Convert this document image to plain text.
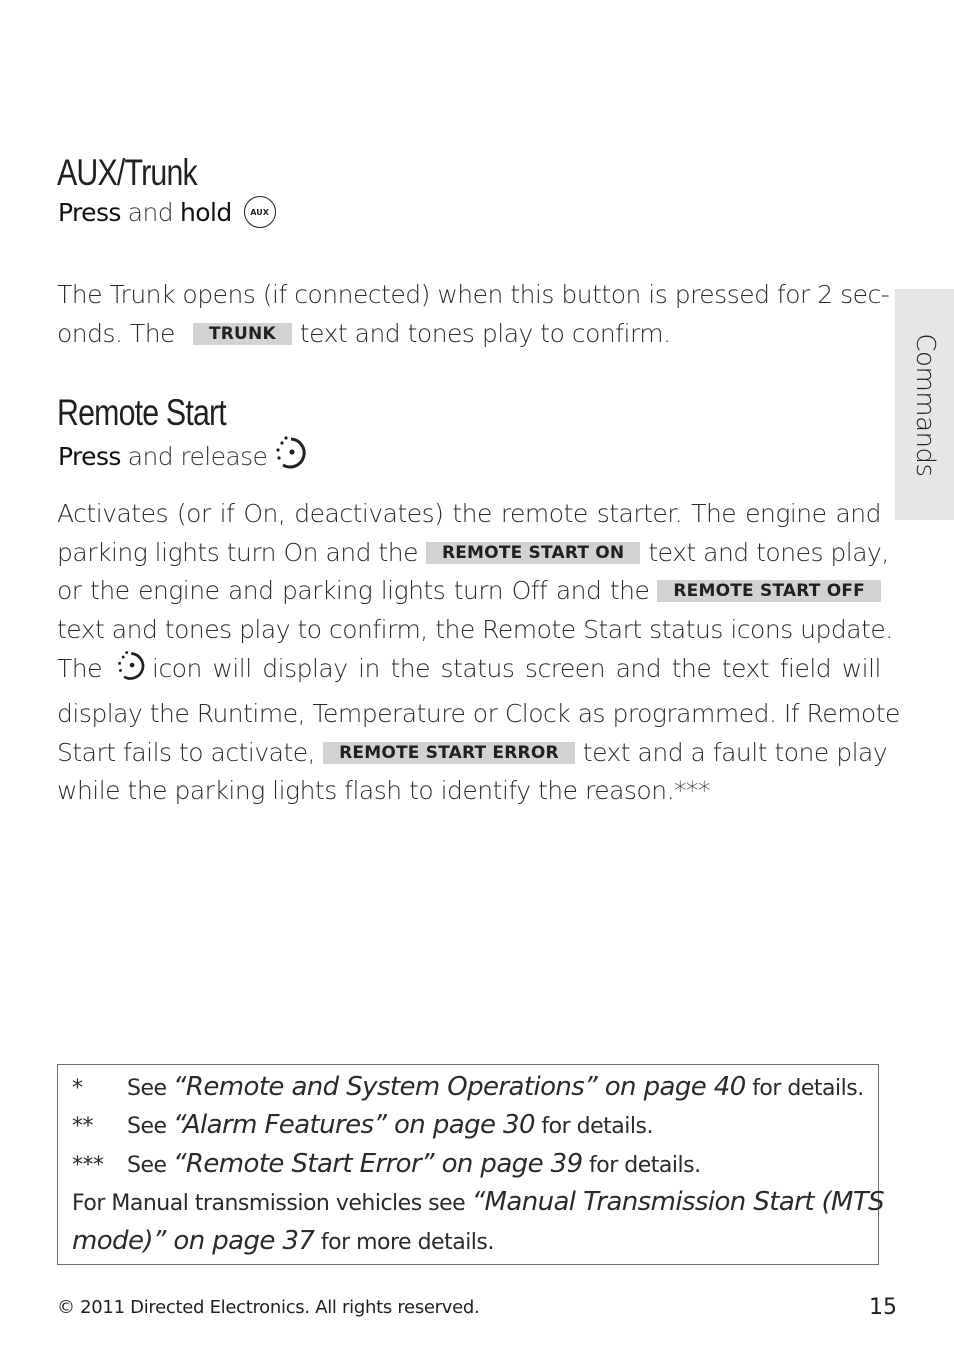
AUX/Trunk
Press and hold	AUX
The Trunk opens (if connected) when this button is pressed for 2 sec-
onds. The TRUNK text and tones play to confirm.
Remote Start
Press and release
Activates (or if On, deactivates) the remote starter. The engine and
parking lights turn On and the REMOTE START ON text and tones play,
or the engine and parking lights turn Off and the REMOTE START OFF
text and tones play to confirm, the Remote Start status icons update.
The icon will display in the status screen and the text field will
display the Runtime, Temperature or Clock as programmed. If Remote
Start fails to activate, REMOTE START ERROR text and a fault tone play
while the parking lights flash to identify the reason.***
Commands
* See “Remote and System Operations” on page 40 for details.
** See “Alarm Features” on page 30 for details.
*** See “Remote Start Error” on page 39 for details.
For Manual transmission vehicles see “Manual Transmission Start (MTS
mode)” on page 37 for more details.
© 2011 Directed Electronics. All rights reserved.	15
